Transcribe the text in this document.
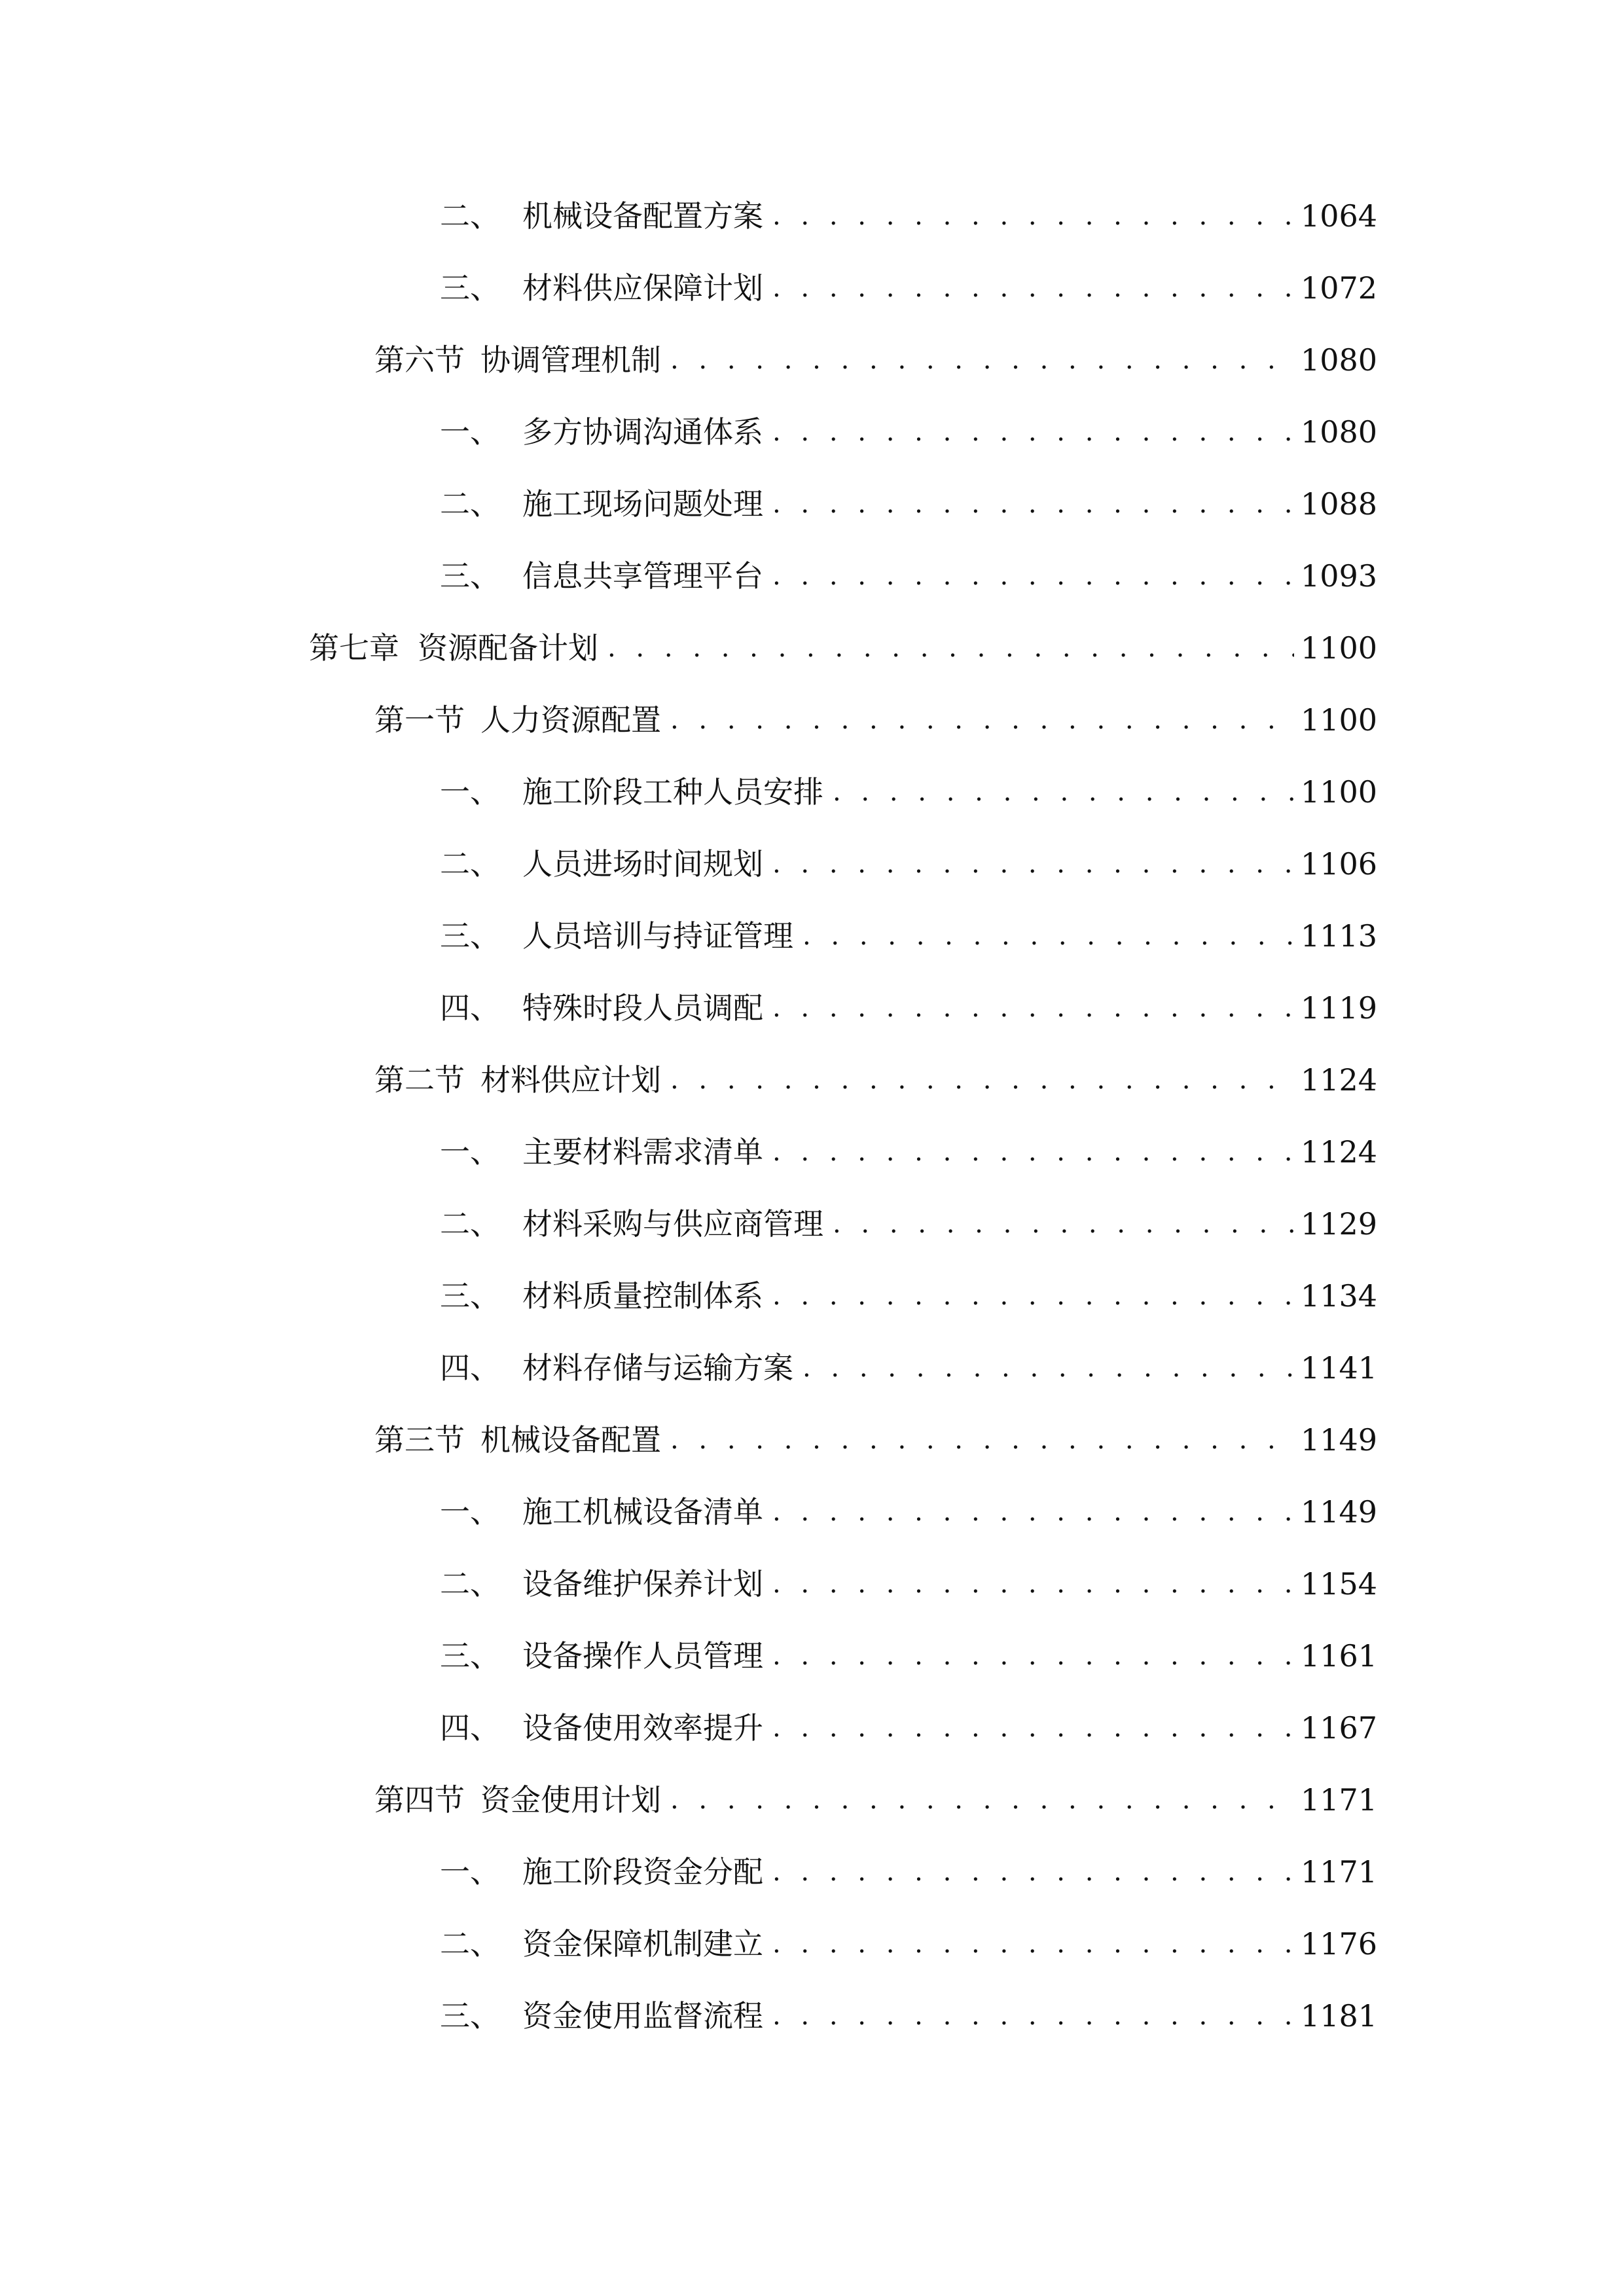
二、 机械设备配置方案 . . .	1064
三、 材料供应保障计划 . . .	1072
第六节 协调管理机制 . . .	1080
一、 多方协调沟通体系 . . .	1080
二、 施工现场问题处理 . . .	1088
三、 信息共享管理平台 . . .	1093
第七章 资源配备计划 . . .	1100
第一节 人力资源配置 . . .	1100
一、 施工阶段工种人员安排 . . .	1100
二、 人员进场时间规划 . . .	1106
三、 人员培训与持证管理 . . .	1113
四、 特殊时段人员调配 . . .	1119
第二节 材料供应计划 . . .	1124
一、 主要材料需求清单 . . .	1124
二、 材料采购与供应商管理 . . .	1129
三、 材料质量控制体系 . . .	1134
四、 材料存储与运输方案 . . .	1141
第三节 机械设备配置 . . .	1149
一、 施工机械设备清单 . . .	1149
二、 设备维护保养计划 . . .	1154
三、 设备操作人员管理 . . .	1161
四、 设备使用效率提升 . . .	1167
第四节 资金使用计划 . . .	1171
一、 施工阶段资金分配 . . .	1171
二、 资金保障机制建立 . . .	1176
三、 资金使用监督流程 . . .	1181
